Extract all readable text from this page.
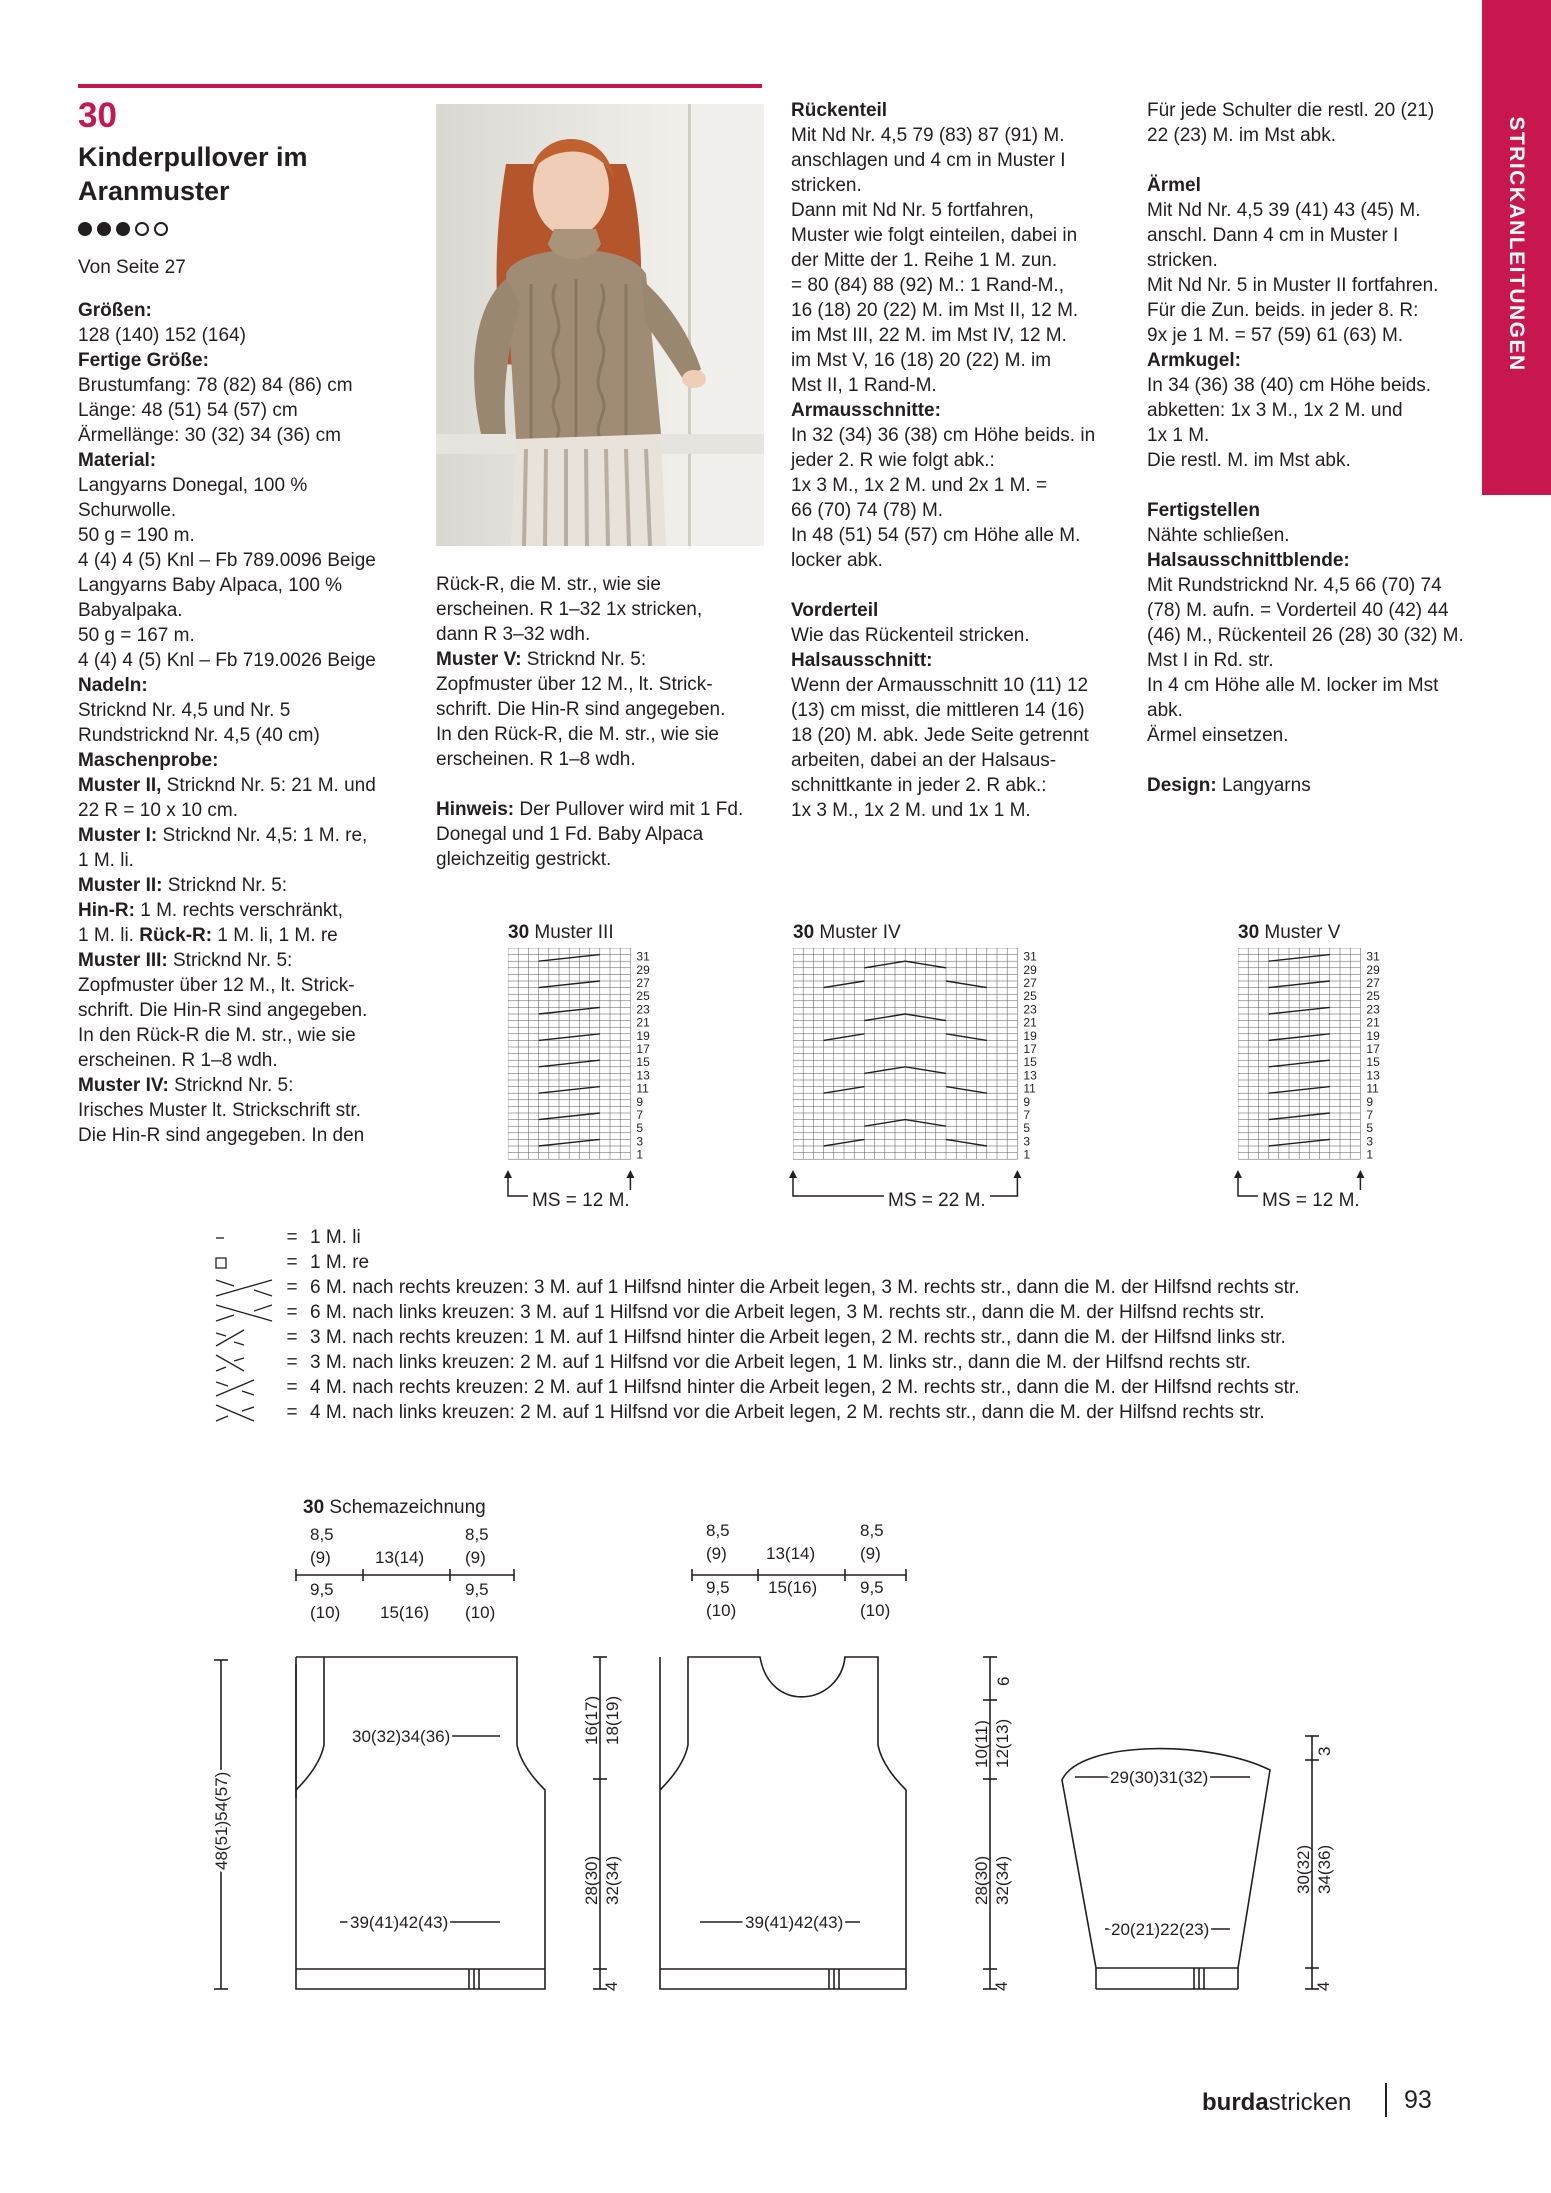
STRICKANLEITUNGEN
30
Kinderpullover im Aranmuster
Von Seite 27

Größen:

128 (140) 152 (164)

Fertige Größe:

Brustumfang: 78 (82) 84 (86) cm

Länge: 48 (51) 54 (57) cm

Ärmellänge: 30 (32) 34 (36) cm

Material:

Langyarns Donegal, 100 %

Schurwolle.

50 g = 190 m.

4 (4) 4 (5) Knl – Fb 789.0096 Beige

Langyarns Baby Alpaca, 100 %

Babyalpaka.

50 g = 167 m.

4 (4) 4 (5) Knl – Fb 719.0026 Beige

Nadeln:

Stricknd Nr. 4,5 und Nr. 5

Rundstricknd Nr. 4,5 (40 cm)

Maschenprobe:

Muster II, Stricknd Nr. 5: 21 M. und

22 R = 10 x 10 cm.

Muster I: Stricknd Nr. 4,5: 1 M. re,

1 M. li.

Muster II: Stricknd Nr. 5:

Hin-R: 1 M. rechts verschränkt,

1 M. li. Rück-R: 1 M. li, 1 M. re

Muster III: Stricknd Nr. 5:

Zopfmuster über 12 M., lt. Strick-

schrift. Die Hin-R sind angegeben.

In den Rück-R die M. str., wie sie

erscheinen. R 1–8 wdh.

Muster IV: Stricknd Nr. 5:

Irisches Muster lt. Strickschrift str.

Die Hin-R sind angegeben. In den

Rück-R, die M. str., wie sie

erscheinen. R 1–32 1x stricken,

dann R 3–32 wdh.

Muster V: Stricknd Nr. 5:

Zopfmuster über 12 M., lt. Strick-

schrift. Die Hin-R sind angegeben.

In den Rück-R, die M. str., wie sie

erscheinen. R 1–8 wdh.

Hinweis: Der Pullover wird mit 1 Fd.

Donegal und 1 Fd. Baby Alpaca

gleichzeitig gestrickt.

Rückenteil

Mit Nd Nr. 4,5 79 (83) 87 (91) M.

anschlagen und 4 cm in Muster I

stricken.

Dann mit Nd Nr. 5 fortfahren,

Muster wie folgt einteilen, dabei in

der Mitte der 1. Reihe 1 M. zun.

= 80 (84) 88 (92) M.: 1 Rand-M.,

16 (18) 20 (22) M. im Mst II, 12 M.

im Mst III, 22 M. im Mst IV, 12 M.

im Mst V, 16 (18) 20 (22) M. im

Mst II, 1 Rand-M.

Armausschnitte:

In 32 (34) 36 (38) cm Höhe beids. in

jeder 2. R wie folgt abk.:

1x 3 M., 1x 2 M. und 2x 1 M. =

66 (70) 74 (78) M.

In 48 (51) 54 (57) cm Höhe alle M.

locker abk.

Vorderteil

Wie das Rückenteil stricken.

Halsausschnitt:

Wenn der Armausschnitt 10 (11) 12

(13) cm misst, die mittleren 14 (16)

18 (20) M. abk. Jede Seite getrennt

arbeiten, dabei an der Halsaus-

schnittkante in jeder 2. R abk.:

1x 3 M., 1x 2 M. und 1x 1 M.

Für jede Schulter die restl. 20 (21)

22 (23) M. im Mst abk.

Ärmel

Mit Nd Nr. 4,5 39 (41) 43 (45) M.

anschl. Dann 4 cm in Muster I

stricken.

Mit Nd Nr. 5 in Muster II fortfahren.

Für die Zun. beids. in jeder 8. R:

9x je 1 M. = 57 (59) 61 (63) M.

Armkugel:

In 34 (36) 38 (40) cm Höhe beids.

abketten: 1x 3 M., 1x 2 M. und

1x 1 M.

Die restl. M. im Mst abk.

Fertigstellen

Nähte schließen.

Halsausschnittblende:

Mit Rundstricknd Nr. 4,5 66 (70) 74

(78) M. aufn. = Vorderteil 40 (42) 44

(46) M., Rückenteil 26 (28) 30 (32) M.

Mst I in Rd. str.

In 4 cm Höhe alle M. locker im Mst

abk.

Ärmel einsetzen.

Design: Langyarns

30 Muster III	30 Muster IV	30 Muster V
31
29
27
25
23
21
19
17
15
13
11
9
7
5
3
1
31
29
27
25
23
21
19
17
15
13
11
9
7
5
3
1
31
29
27
25
23
21
19
17
15
13
11
9
7
5
3
1
MS = 12 M.	MS = 22 M.	MS = 12 M.
= 1 M. li
= 1 M. re
= 6 M. nach rechts kreuzen: 3 M. auf 1 Hilfsnd hinter die Arbeit legen, 3 M. rechts str., dann die M. der Hilfsnd rechts str.
= 6 M. nach links kreuzen: 3 M. auf 1 Hilfsnd vor die Arbeit legen, 3 M. rechts str., dann die M. der Hilfsnd rechts str.
= 3 M. nach rechts kreuzen: 1 M. auf 1 Hilfsnd hinter die Arbeit legen, 2 M. rechts str., dann die M. der Hilfsnd links str.
= 3 M. nach links kreuzen: 2 M. auf 1 Hilfsnd vor die Arbeit legen, 1 M. links str., dann die M. der Hilfsnd rechts str.
= 4 M. nach rechts kreuzen: 2 M. auf 1 Hilfsnd hinter die Arbeit legen, 2 M. rechts str., dann die M. der Hilfsnd rechts str.
= 4 M. nach links kreuzen: 2 M. auf 1 Hilfsnd vor die Arbeit legen, 2 M. rechts str., dann die M. der Hilfsnd rechts str.
30 Schemazeichnung
8,5
(9)	13(14)
8,5
(9)
9,5
(10) 15(16)
9,5
(10)
8,5
(9) 13(14)
8,5
(9)
9,5
(10)
15(16)	9,5
(10)
30(32)34(36)
39(41)42(43)	39(41)42(43)
29(30)31(32)
20(21)22(23)
48(51)54(57)
16(17) 18(19)
28(30) 32(34)
4
6
10(11) 12(13)
28(30) 32(34)
4
3
30(32) 34(36)
4
burdastricken 93
